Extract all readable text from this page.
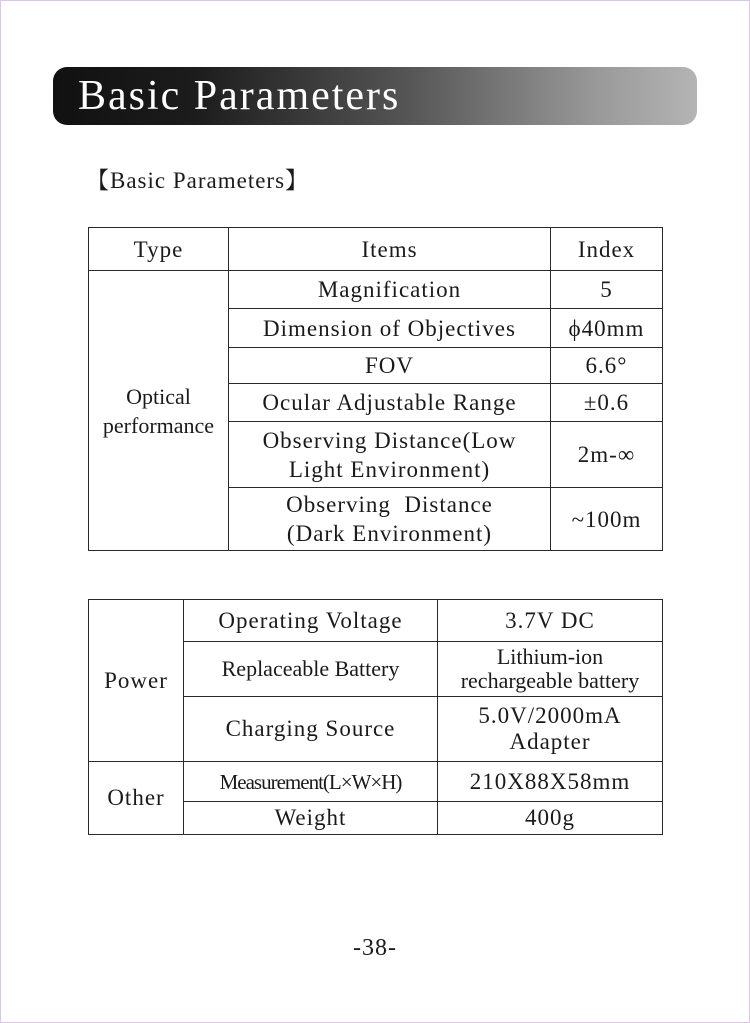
Basic Parameters
【Basic Parameters】
Type	Items	Index

Optical
performance	Magnification	5
	Dimension of Objectives	ϕ40mm
	FOV	6.6°
	Ocular Adjustable Range	±0.6

	Observing Distance(Low
Light Environment)	2m-∞

	Observing  Distance
(Dark Environment)	~100m
Power	Operating Voltage	3.7V DC
	Replaceable Battery	Lithium-ion
rechargeable battery

	Charging Source	5.0V/2000mA
Adapter

Other	Measurement(L×W×H)	210X88X58mm
	Weight	400g
-38-
